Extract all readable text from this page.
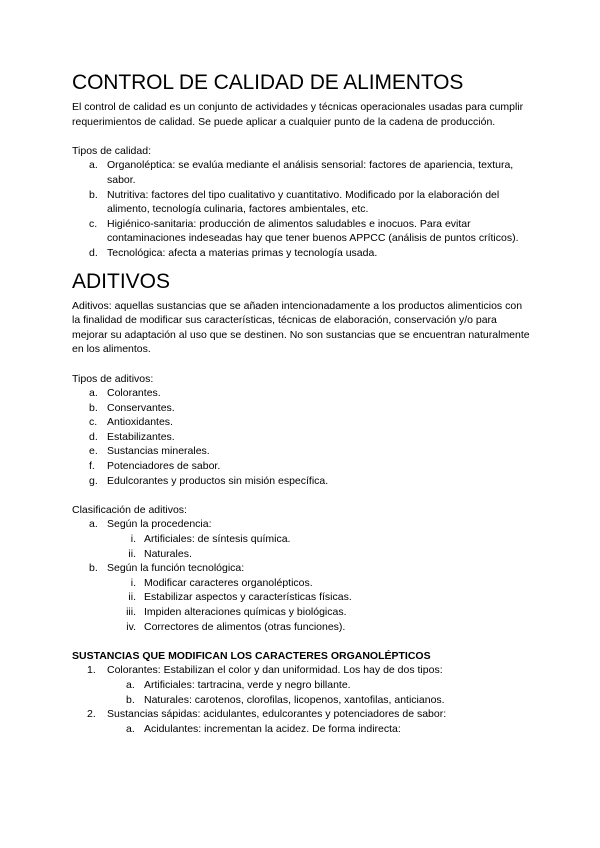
CONTROL DE CALIDAD DE ALIMENTOS

El control de calidad es un conjunto de actividades y técnicas operacionales usadas para cumplir requerimientos de calidad. Se puede aplicar a cualquier punto de la cadena de producción.

Tipos de calidad:

a. Organoléptica: se evalúa mediante el análisis sensorial: factores de apariencia, textura, sabor.
b. Nutritiva: factores del tipo cualitativo y cuantitativo. Modificado por la elaboración del alimento, tecnología culinaria, factores ambientales, etc.
c. Higiénico-sanitaria: producción de alimentos saludables e inocuos. Para evitar contaminaciones indeseadas hay que tener buenos APPCC (análisis de puntos críticos).
d. Tecnológica: afecta a materias primas y tecnología usada.
ADITIVOS

Aditivos: aquellas sustancias que se añaden intencionadamente a los productos alimenticios con la finalidad de modificar sus características, técnicas de elaboración, conservación y/o para mejorar su adaptación al uso que se destinen. No son sustancias que se encuentran naturalmente en los alimentos.

Tipos de aditivos:

a. Colorantes.
b. Conservantes.
c. Antioxidantes.
d. Estabilizantes.
e. Sustancias minerales.
f.	Potenciadores de sabor.
g. Edulcorantes y productos sin misión específica.

Clasificación de aditivos:

a. Según la procedencia:
i. Artificiales: de síntesis química.
ii. Naturales.
b. Según la función tecnológica:
i. Modificar caracteres organolépticos.
ii. Estabilizar aspectos y características físicas.
iii. Impiden alteraciones químicas y biológicas.
iv. Correctores de alimentos (otras funciones).
SUSTANCIAS QUE MODIFICAN LOS CARACTERES ORGANOLÉPTICOS
1. Colorantes: Estabilizan el color y dan uniformidad. Los hay de dos tipos:
a. Artificiales: tartracina, verde y negro billante.
b. Naturales: carotenos, clorofilas, licopenos, xantofilas, anticianos.
2. Sustancias sápidas: acidulantes, edulcorantes y potenciadores de sabor:
a. Acidulantes: incrementan la acidez. De forma indirecta:
